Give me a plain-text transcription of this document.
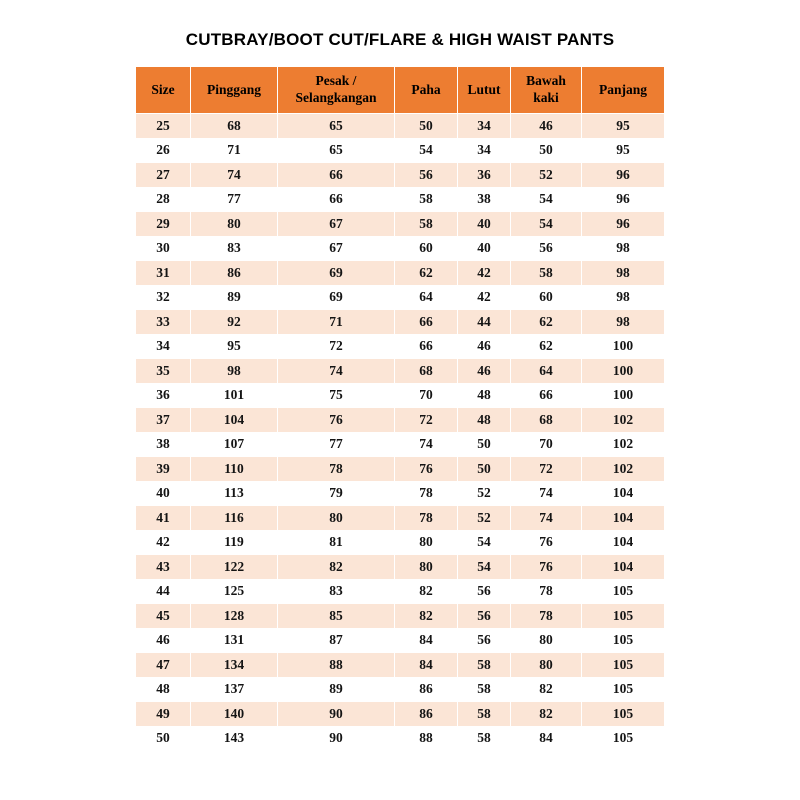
CUTBRAY/BOOT CUT/FLARE & HIGH WAIST PANTS
Size	Pinggang	Pesak / Selangkangan	Paha	Lutut	Bawah kaki	Panjang
25	68	65	50	34	46	95
26	71	65	54	34	50	95
27	74	66	56	36	52	96
28	77	66	58	38	54	96
29	80	67	58	40	54	96
30	83	67	60	40	56	98
31	86	69	62	42	58	98
32	89	69	64	42	60	98
33	92	71	66	44	62	98
34	95	72	66	46	62	100
35	98	74	68	46	64	100
36	101	75	70	48	66	100
37	104	76	72	48	68	102
38	107	77	74	50	70	102
39	110	78	76	50	72	102
40	113	79	78	52	74	104
41	116	80	78	52	74	104
42	119	81	80	54	76	104
43	122	82	80	54	76	104
44	125	83	82	56	78	105
45	128	85	82	56	78	105
46	131	87	84	56	80	105
47	134	88	84	58	80	105
48	137	89	86	58	82	105
49	140	90	86	58	82	105
50	143	90	88	58	84	105
